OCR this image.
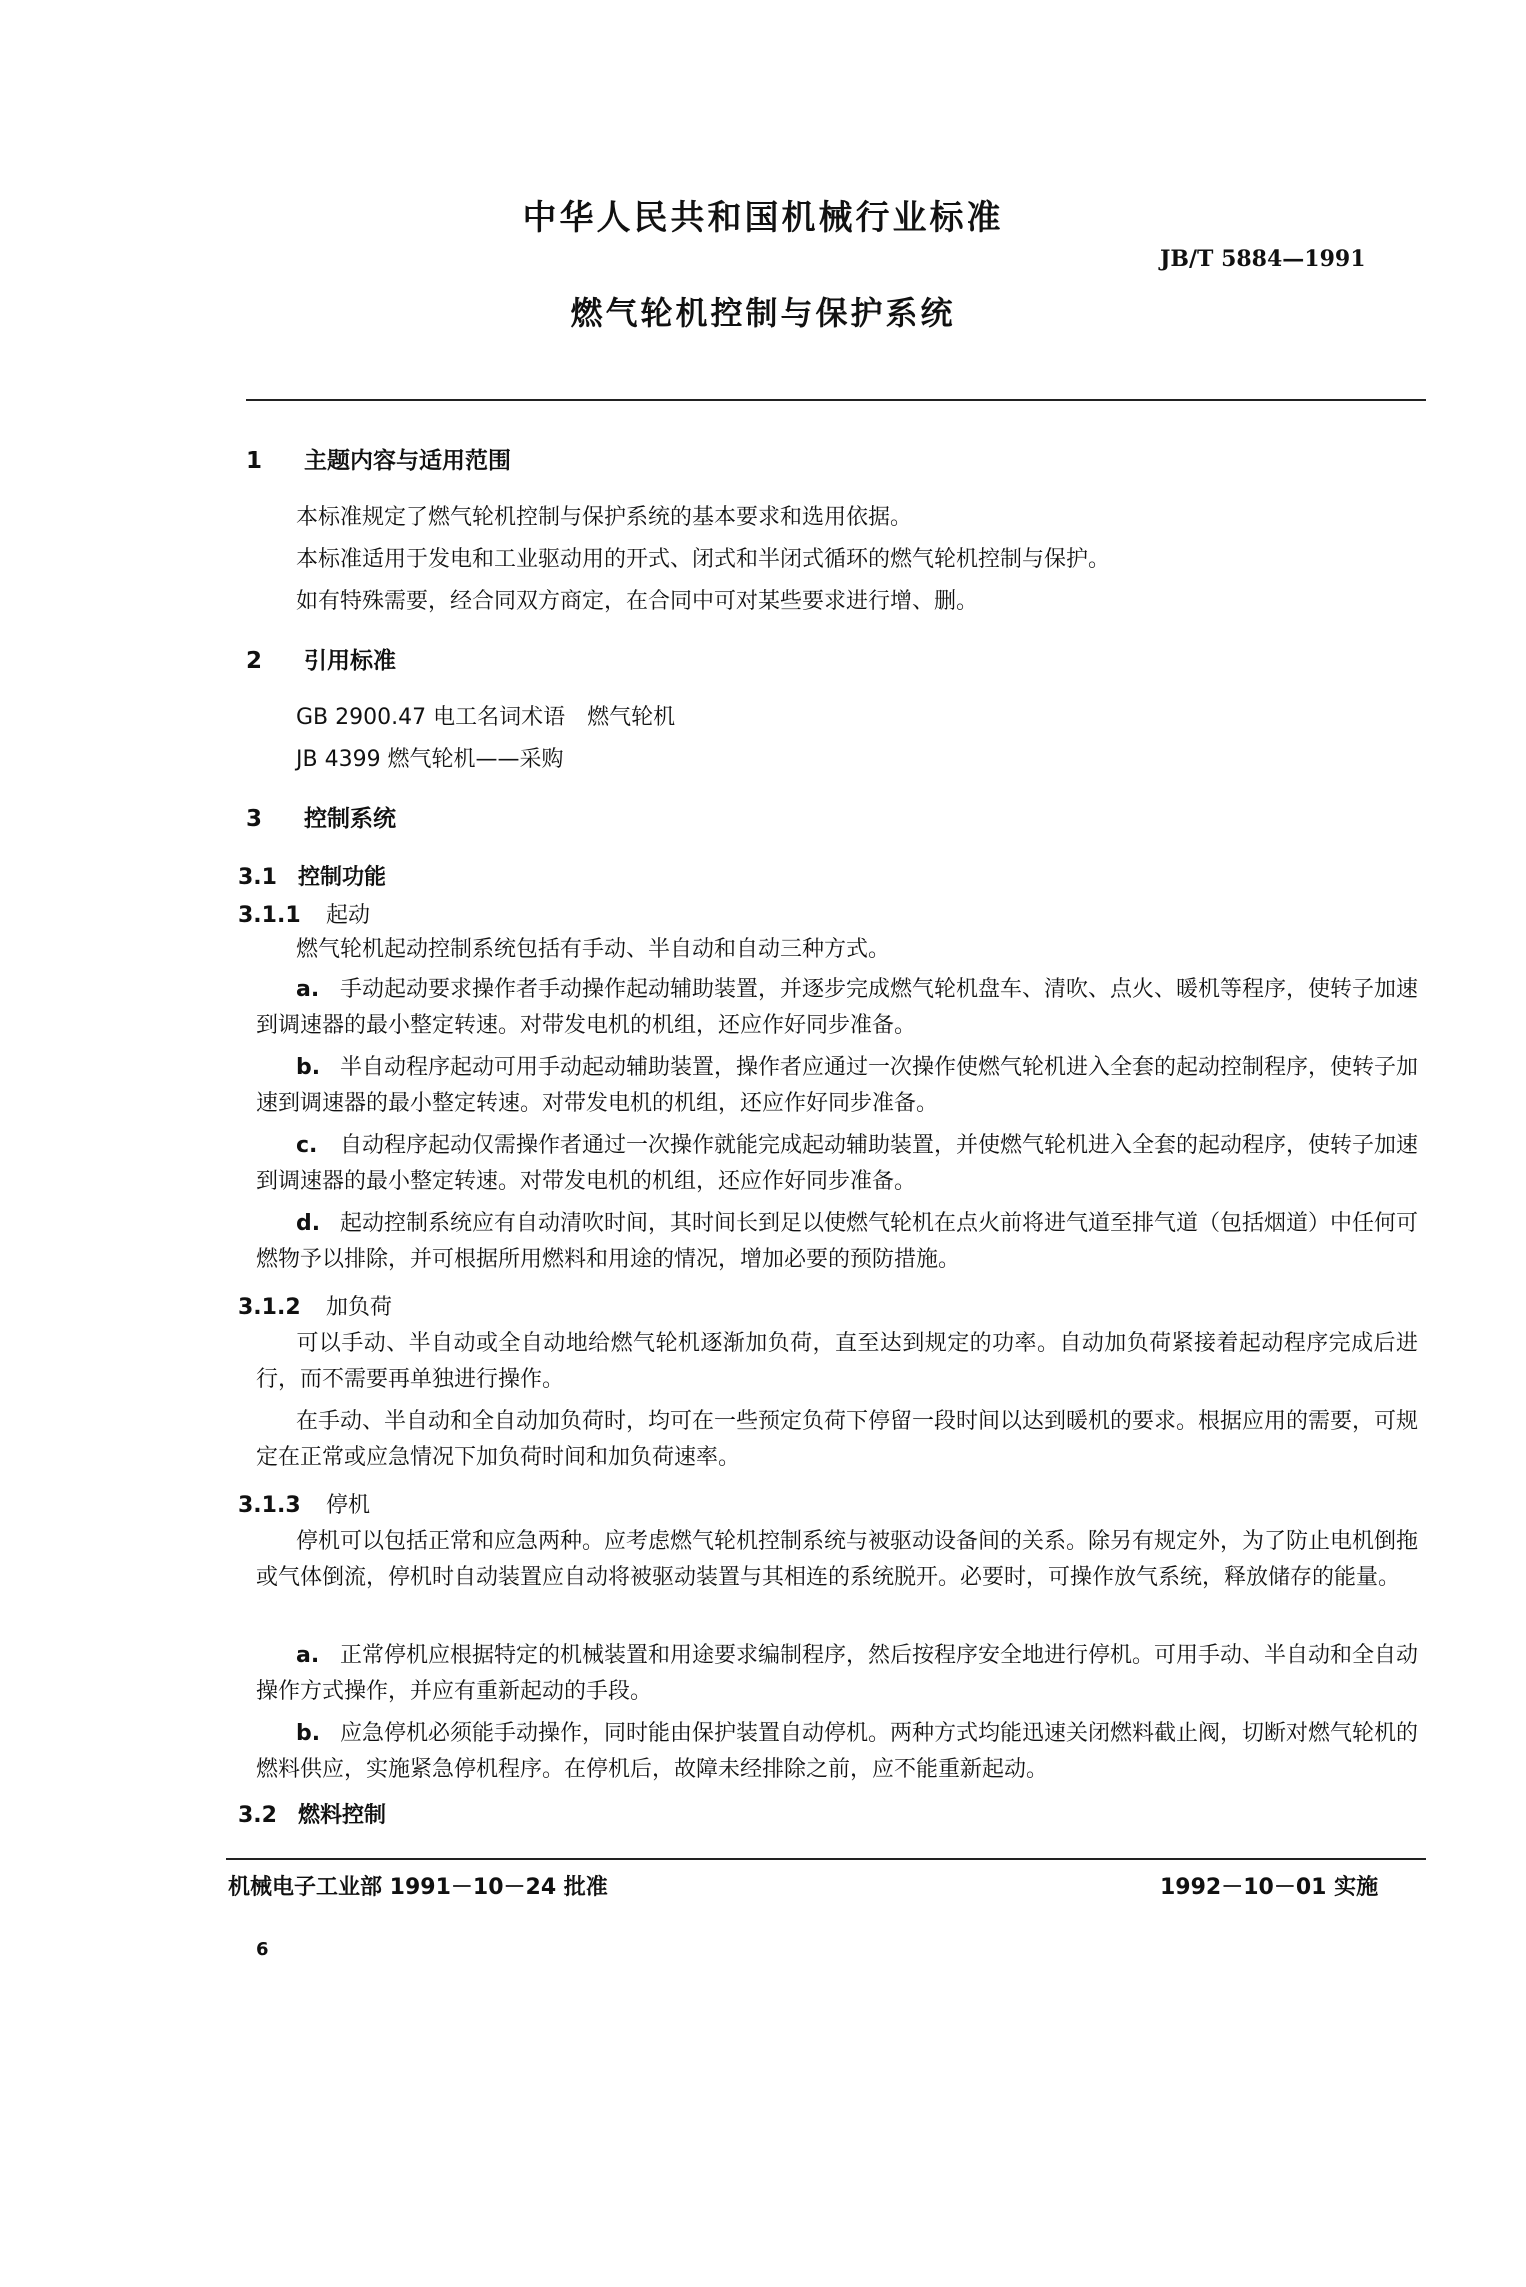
中华人民共和国机械行业标准
JB/T 5884—1991
燃气轮机控制与保护系统
1 主题内容与适用范围
本标准规定了燃气轮机控制与保护系统的基本要求和选用依据。
本标准适用于发电和工业驱动用的开式、闭式和半闭式循环的燃气轮机控制与保护。
如有特殊需要，经合同双方商定，在合同中可对某些要求进行增、删。
2 引用标准
GB 2900.47 电工名词术语　燃气轮机
JB 4399 燃气轮机——采购
3 控制系统
3.1 控制功能
3.1.1 起动
燃气轮机起动控制系统包括有手动、半自动和自动三种方式。
a. 手动起动要求操作者手动操作起动辅助装置，并逐步完成燃气轮机盘车、清吹、点火、暖机等程序，使转子加速到调速器的最小整定转速。对带发电机的机组，还应作好同步准备。
b. 半自动程序起动可用手动起动辅助装置，操作者应通过一次操作使燃气轮机进入全套的起动控制程序，使转子加速到调速器的最小整定转速。对带发电机的机组，还应作好同步准备。
c. 自动程序起动仅需操作者通过一次操作就能完成起动辅助装置，并使燃气轮机进入全套的起动程序，使转子加速到调速器的最小整定转速。对带发电机的机组，还应作好同步准备。
d. 起动控制系统应有自动清吹时间，其时间长到足以使燃气轮机在点火前将进气道至排气道（包括烟道）中任何可燃物予以排除，并可根据所用燃料和用途的情况，增加必要的预防措施。
3.1.2 加负荷
可以手动、半自动或全自动地给燃气轮机逐渐加负荷，直至达到规定的功率。自动加负荷紧接着起动程序完成后进行，而不需要再单独进行操作。
在手动、半自动和全自动加负荷时，均可在一些预定负荷下停留一段时间以达到暖机的要求。根据应用的需要，可规定在正常或应急情况下加负荷时间和加负荷速率。
3.1.3 停机
停机可以包括正常和应急两种。应考虑燃气轮机控制系统与被驱动设备间的关系。除另有规定外，为了防止电机倒拖或气体倒流，停机时自动装置应自动将被驱动装置与其相连的系统脱开。必要时，可操作放气系统，释放储存的能量。
a. 正常停机应根据特定的机械装置和用途要求编制程序，然后按程序安全地进行停机。可用手动、半自动和全自动操作方式操作，并应有重新起动的手段。
b. 应急停机必须能手动操作，同时能由保护装置自动停机。两种方式均能迅速关闭燃料截止阀，切断对燃气轮机的燃料供应，实施紧急停机程序。在停机后，故障未经排除之前，应不能重新起动。
3.2 燃料控制
机械电子工业部 1991－10－24 批准	1992－10－01 实施
6
